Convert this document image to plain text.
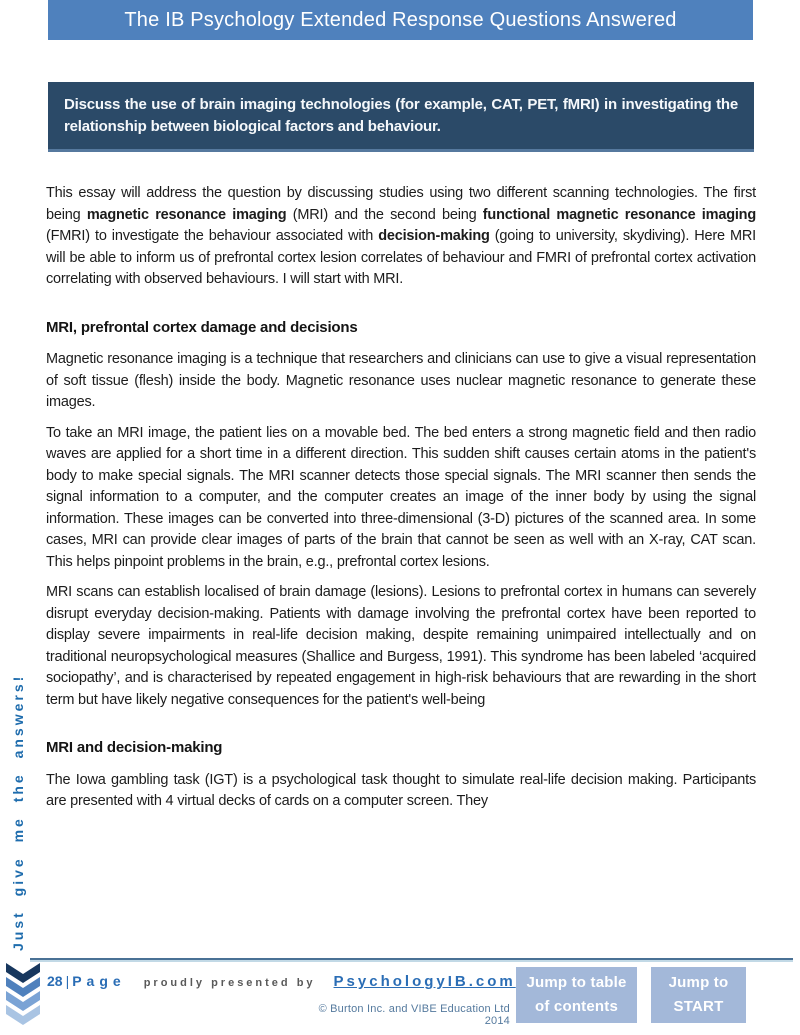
The IB Psychology Extended Response Questions Answered
Discuss the use of brain imaging technologies (for example, CAT, PET, fMRI) in investigating the relationship between biological factors and behaviour.

This essay will address the question by discussing studies using two different scanning technologies. The first being magnetic resonance imaging (MRI) and the second being functional magnetic resonance imaging (FMRI) to investigate the behaviour associated with decision-making (going to university, skydiving). Here MRI will be able to inform us of prefrontal cortex lesion correlates of behaviour and FMRI of prefrontal cortex activation correlating with observed behaviours. I will start with MRI.

MRI, prefrontal cortex damage and decisions

Magnetic resonance imaging is a technique that researchers and clinicians can use to give a visual representation of soft tissue (flesh) inside the body. Magnetic resonance uses nuclear magnetic resonance to generate these images.

To take an MRI image, the patient lies on a movable bed. The bed enters a strong magnetic field and then radio waves are applied for a short time in a different direction. This sudden shift causes certain atoms in the patient's body to make special signals. The MRI scanner detects those special signals. The MRI scanner then sends the signal information to a computer, and the computer creates an image of the inner body by using the signal information. These images can be converted into three-dimensional (3-D) pictures of the scanned area. In some cases, MRI can provide clear images of parts of the brain that cannot be seen as well with an X-ray, CAT scan. This helps pinpoint problems in the brain, e.g., prefrontal cortex lesions.

MRI scans can establish localised of brain damage (lesions). Lesions to prefrontal cortex in humans can severely disrupt everyday decision-making. Patients with damage involving the prefrontal cortex have been reported to display severe impairments in real-life decision making, despite remaining unimpaired intellectually and on traditional neuropsychological measures (Shallice and Burgess, 1991). This syndrome has been labeled ‘acquired sociopathy’, and is characterised by repeated engagement in high-risk behaviours that are rewarding in the short term but have likely negative consequences for the patient's well-being

MRI and decision-making

The Iowa gambling task (IGT) is a psychological task thought to simulate real-life decision making. Participants are presented with 4 virtual decks of cards on a computer screen. They

Just give me the answers!
28 | Page proudly presented by PsychologyIB.com
© Burton Inc. and VIBE Education Ltd 2014
Jump to table
of contents
Jump to
START
